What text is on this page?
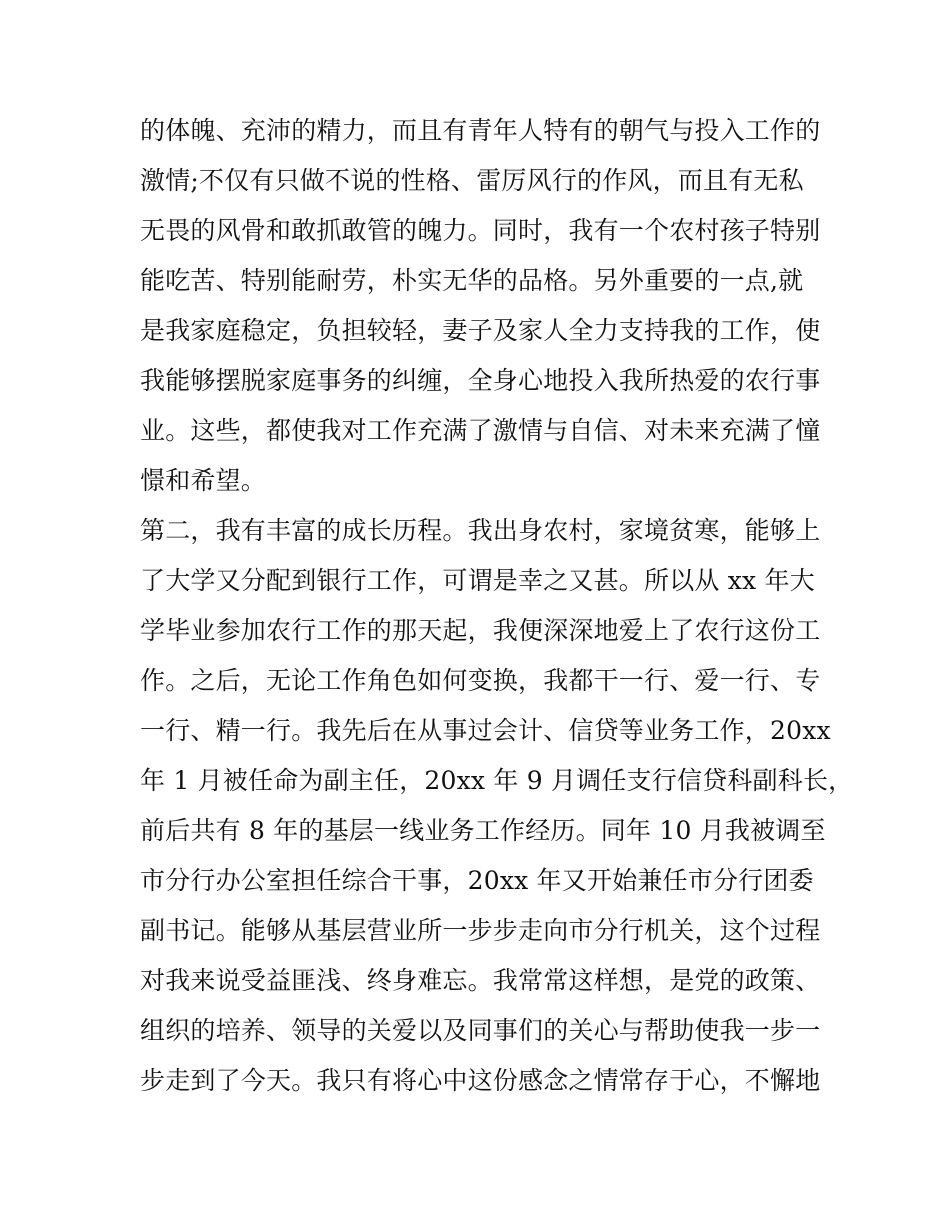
的体魄、充沛的精力，而且有青年人特有的朝气与投入工作的
激情;不仅有只做不说的性格、雷厉风行的作风，而且有无私
无畏的风骨和敢抓敢管的魄力。同时，我有一个农村孩子特别
能吃苦、特别能耐劳，朴实无华的品格。另外重要的一点,就
是我家庭稳定，负担较轻，妻子及家人全力支持我的工作，使
我能够摆脱家庭事务的纠缠，全身心地投入我所热爱的农行事
业。这些，都使我对工作充满了激情与自信、对未来充满了憧
憬和希望。
第二，我有丰富的成长历程。我出身农村，家境贫寒，能够上
了大学又分配到银行工作，可谓是幸之又甚。所以从 xx 年大
学毕业参加农行工作的那天起，我便深深地爱上了农行这份工
作。之后，无论工作角色如何变换，我都干一行、爱一行、专
一行、精一行。我先后在从事过会计、信贷等业务工作，20xx
年 1 月被任命为副主任，20xx 年 9 月调任支行信贷科副科长，
前后共有 8 年的基层一线业务工作经历。同年 10 月我被调至
市分行办公室担任综合干事，20xx 年又开始兼任市分行团委
副书记。能够从基层营业所一步步走向市分行机关，这个过程
对我来说受益匪浅、终身难忘。我常常这样想，是党的政策、
组织的培养、领导的关爱以及同事们的关心与帮助使我一步一
步走到了今天。我只有将心中这份感念之情常存于心，不懈地
